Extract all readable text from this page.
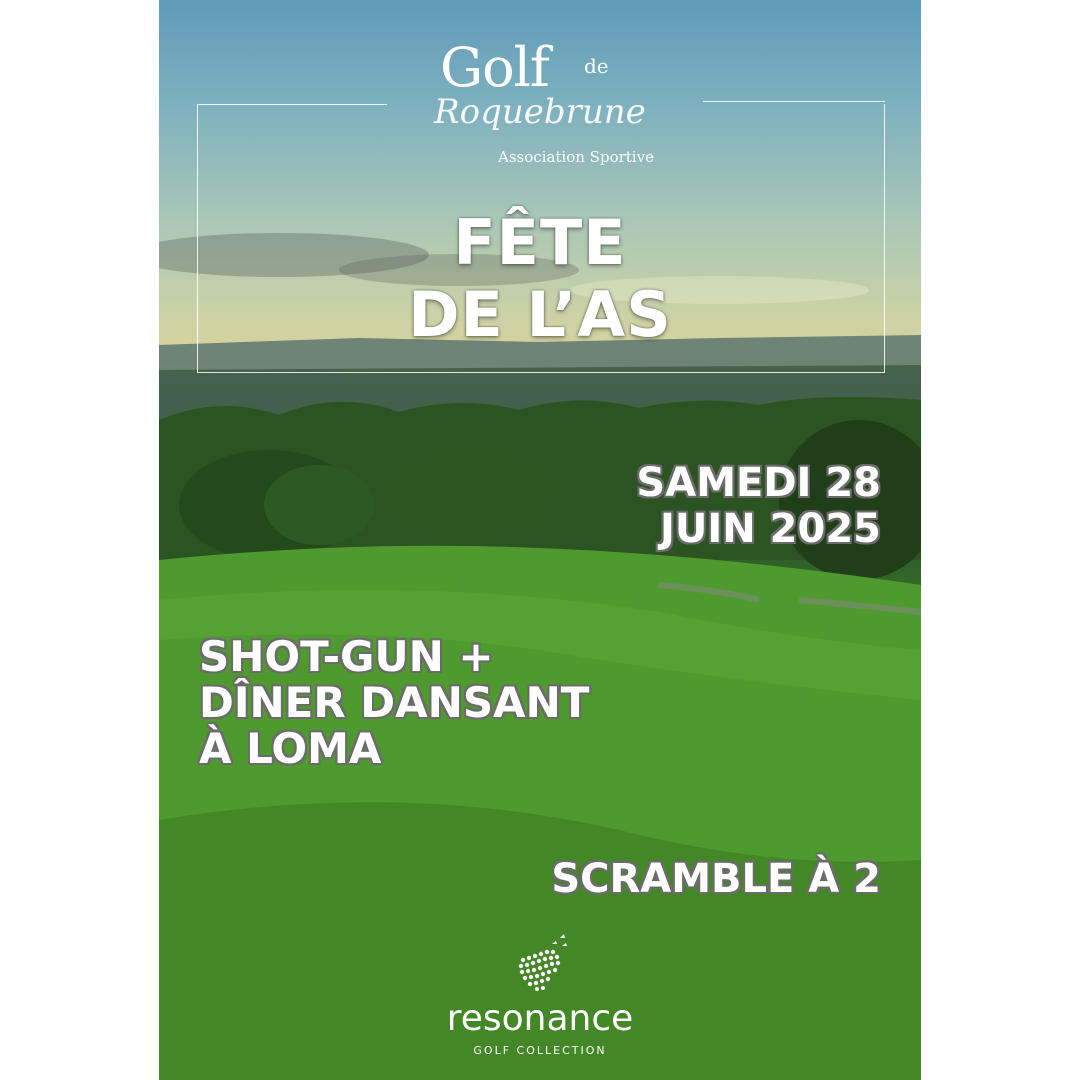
Golf de
Roquebrune
Association Sportive
FÊTE
DE L’AS
SAMEDI 28
JUIN 2025
SHOT-GUN +
DÎNER DANSANT
À LOMA
SCRAMBLE À 2
resonance
GOLF COLLECTION
